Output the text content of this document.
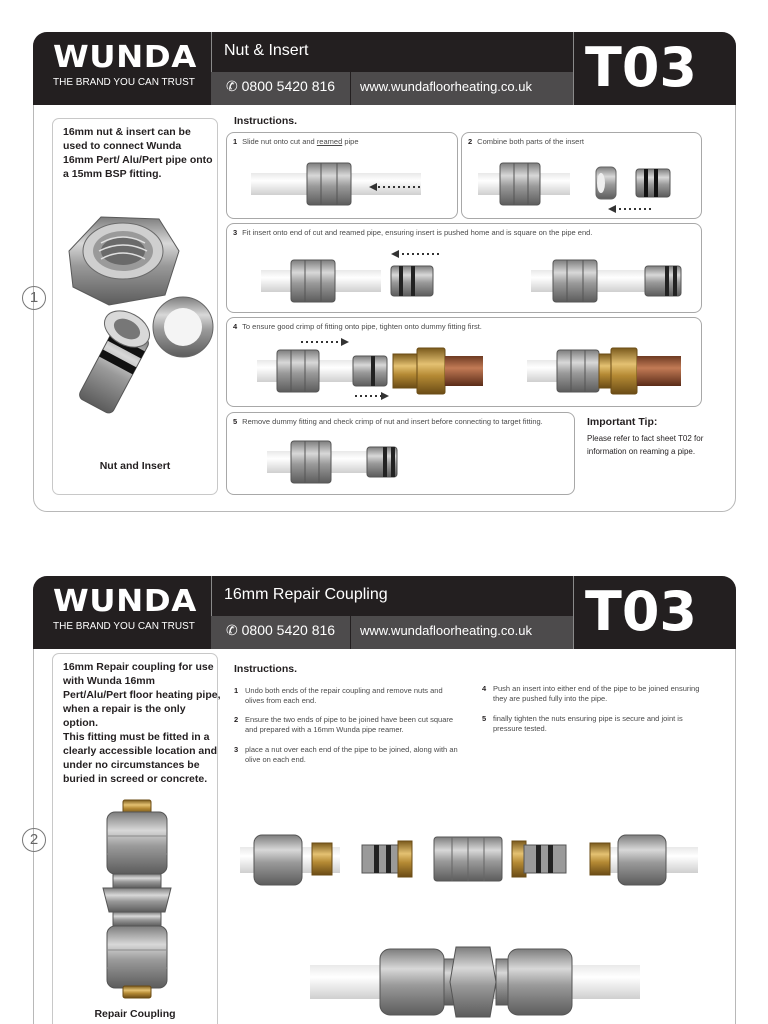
WUNDA
THE BRAND YOU CAN TRUST
Nut & Insert
✆ 0800 5420 816 www.wundafloorheating.co.uk T03
1
16mm nut & insert can be used to connect Wunda 16mm Pert/ Alu/Pert pipe onto a 15mm BSP fitting.
Nut and Insert
Instructions.
1 Slide nut onto cut and reamed pipe	2 Combine both parts of the insert
3 Fit insert onto end of cut and reamed pipe, ensuring insert is pushed home and is square on the pipe end.
4 To ensure good crimp of fitting onto pipe, tighten onto dummy fitting first.
5 Remove dummy fitting and check crimp of nut and insert before connecting to target fitting.	Important Tip:
Please refer to fact sheet T02 for information on reaming a pipe.
WUNDA
THE BRAND YOU CAN TRUST
16mm Repair Coupling
✆ 0800 5420 816 www.wundafloorheating.co.uk T03
2
16mm Repair coupling for use with Wunda 16mm Pert/Alu/Pert floor heating pipe, when a repair is the only option.
This fitting must be fitted in a clearly accessible location and under no circumstances be buried in screed or concrete.
Repair Coupling
Instructions.
1 Undo both ends of the repair coupling and remove nuts and olives from each end.
2 Ensure the two ends of pipe to be joined have been cut square and prepared with a 16mm Wunda pipe reamer.
3 place a nut over each end of the pipe to be joined, along with an olive on each end.
4 Push an insert into either end of the pipe to be joined ensuring they are pushed fully into the pipe.
5 finally tighten the nuts ensuring pipe is secure and joint is pressure tested.
